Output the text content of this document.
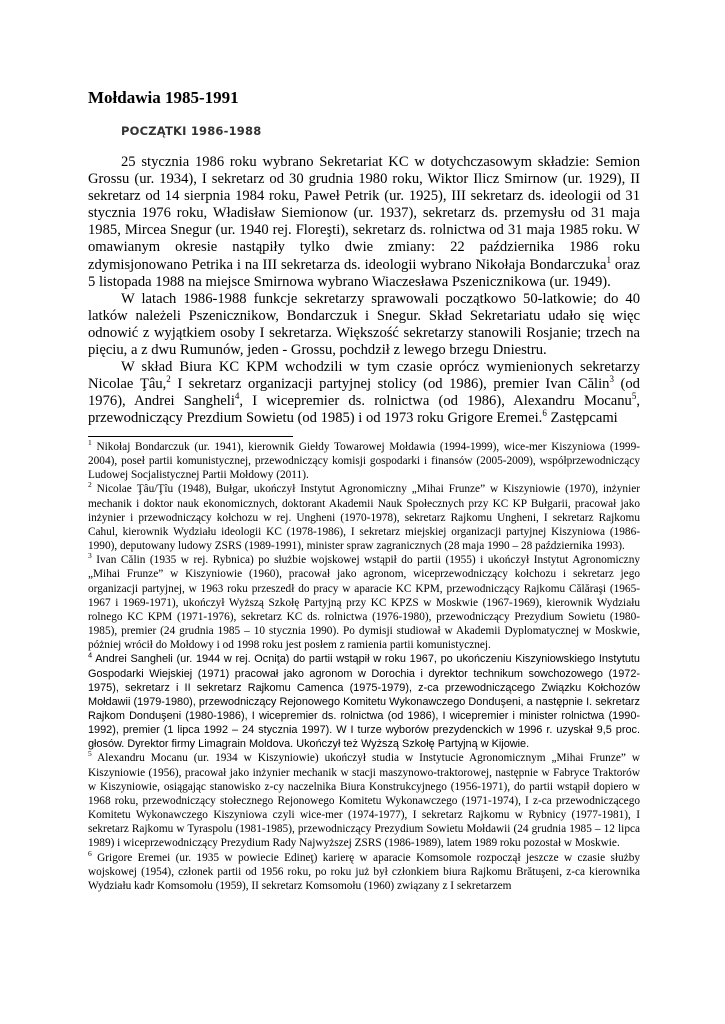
Mołdawia 1985-1991
POCZĄTKI 1986-1988

25 stycznia 1986 roku wybrano Sekretariat KC w dotychczasowym składzie: Semion Grossu (ur. 1934), I sekretarz od 30 grudnia 1980 roku, Wiktor Ilicz Smirnow (ur. 1929), II sekretarz od 14 sierpnia 1984 roku, Paweł Petrik (ur. 1925), III sekretarz ds. ideologii od 31 stycznia 1976 roku, Władisław Siemionow (ur. 1937), sekretarz ds. przemysłu od 31 maja 1985, Mircea Snegur (ur. 1940 rej. Floreşti), sekretarz ds. rolnictwa od 31 maja 1985 roku. W omawianym okresie nastąpiły tylko dwie zmiany: 22 października 1986 roku zdymisjonowano Petrika i na III sekretarza ds. ideologii wybrano Nikołaja Bondarczuka$^1$ oraz 5 listopada 1988 na miejsce Smirnowa wybrano Wiaczesława Pszenicznikowa (ur. 1949).

W latach 1986-1988 funkcje sekretarzy sprawowali początkowo 50-latkowie; do 40 latków należeli Pszenicznikow, Bondarczuk i Snegur. Skład Sekretariatu udało się więc odnowić z wyjątkiem osoby I sekretarza. Większość sekretarzy stanowili Rosjanie; trzech na pięciu, a z dwu Rumunów, jeden - Grossu, pochdził z lewego brzegu Dniestru.

W skład Biura KC KPM wchodzili w tym czasie oprócz wymienionych sekretarzy Nicolae Ţâu,$^2$ I sekretarz organizacji partyjnej stolicy (od 1986), premier Ivan Călin$^3$ (od 1976), Andrei Sangheli$^4$, I wicepremier ds. rolnictwa (od 1986), Alexandru Mocanu$^5$, przewodniczący Prezdium Sowietu (od 1985) i od 1973 roku Grigore Eremei.$^6$ Zastępcami

$^1$ Nikołaj Bondarczuk (ur. 1941), kierownik Giełdy Towarowej Mołdawia (1994-1999), wice-mer Kiszyniowa (1999-2004), poseł partii komunistycznej, przewodniczący komisji gospodarki i finansów (2005-2009), współprzewodniczący Ludowej Socjalistycznej Partii Mołdowy (2011).

$^2$ Nicolae Ţâu/Ţîu (1948), Bułgar, ukończył Instytut Agronomiczny „Mihai Frunze” w Kiszyniowie (1970), inżynier mechanik i doktor nauk ekonomicznych, doktorant Akademii Nauk Społecznych przy KC KP Bułgarii, pracował jako inżynier i przewodniczący kołchozu w rej. Ungheni (1970-1978), sekretarz Rajkomu Ungheni, I sekretarz Rajkomu Cahul, kierownik Wydziału ideologii KC (1978-1986), I sekretarz miejskiej organizacji partyjnej Kiszyniowa (1986-1990), deputowany ludowy ZSRS (1989-1991), minister spraw zagranicznych (28 maja 1990 – 28 października 1993).

$^3$ Ivan Călin (1935 w rej. Rybnica) po służbie wojskowej wstąpił do partii (1955) i ukończył Instytut Agronomiczny „Mihai Frunze” w Kiszyniowie (1960), pracował jako agronom, wiceprzewodniczący kołchozu i sekretarz jego organizacji partyjnej, w 1963 roku przeszedł do pracy w aparacie KC KPM, przewodniczący Rajkomu Călăraşi (1965-1967 i 1969-1971), ukończył Wyższą Szkołę Partyjną przy KC KPZS w Moskwie (1967-1969), kierownik Wydziału rolnego KC KPM (1971-1976), sekretarz KC ds. rolnictwa (1976-1980), przewodniczący Prezydium Sowietu (1980-1985), premier (24 grudnia 1985 – 10 stycznia 1990). Po dymisji studiował w Akademii Dyplomatycznej w Moskwie, póżniej wrócił do Mołdowy i od 1998 roku jest posłem z ramienia partii komunistycznej.

$^4$ Andrei Sangheli (ur. 1944 w rej. Ocniţa) do partii wstąpił w roku 1967, po ukończeniu Kiszyniowskiego Instytutu Gospodarki Wiejskiej (1971) pracował jako agronom w Dorochia i dyrektor technikum sowchozowego (1972-1975), sekretarz i II sekretarz Rajkomu Camenca (1975-1979), z-ca przewodniczącego Związku Kołchozów Mołdawii (1979-1980), przewodniczący Rejonowego Komitetu Wykonawczego Donduşeni, a następnie I. sekretarz Rajkom Donduşeni (1980-1986), I wicepremier ds. rolnictwa (od 1986), I wicepremier i minister rolnictwa (1990-1992), premier (1 lipca 1992 – 24 stycznia 1997). W I turze wyborów prezydenckich w 1996 r. uzyskał 9,5 proc. głosów. Dyrektor firmy Limagrain Moldova. Ukończył też Wyższą Szkołę Partyjną w Kijowie.

$^5$ Alexandru Mocanu (ur. 1934 w Kiszyniowie) ukończył studia w Instytucie Agronomicznym „Mihai Frunze” w Kiszyniowie (1956), pracował jako inżynier mechanik w stacji maszynowo-traktorowej, następnie w Fabryce Traktorów w Kiszyniowie, osiągając stanowisko z-cy naczelnika Biura Konstrukcyjnego (1956-1971), do partii wstąpił dopiero w 1968 roku, przewodniczący stołecznego Rejonowego Komitetu Wykonawczego (1971-1974), I z-ca przewodniczącego Komitetu Wykonawczego Kiszyniowa czyli wice-mer (1974-1977), I sekretarz Rajkomu w Rybnicy (1977-1981), I sekretarz Rajkomu w Tyraspolu (1981-1985), przewodniczący Prezydium Sowietu Mołdawii (24 grudnia 1985 – 12 lipca 1989) i wiceprzewodniczący Prezydium Rady Najwyższej ZSRS (1986-1989), latem 1989 roku pozostał w Moskwie.

$^6$ Grigore Eremei (ur. 1935 w powiecie Edineţ) karierę w aparacie Komsomole rozpoczął jeszcze w czasie służby wojskowej (1954), członek partii od 1956 roku, po roku już był członkiem biura Rajkomu Brătuşeni, z-ca kierownika Wydziału kadr Komsomołu (1959), II sekretarz Komsomołu (1960) związany z I sekretarzem
